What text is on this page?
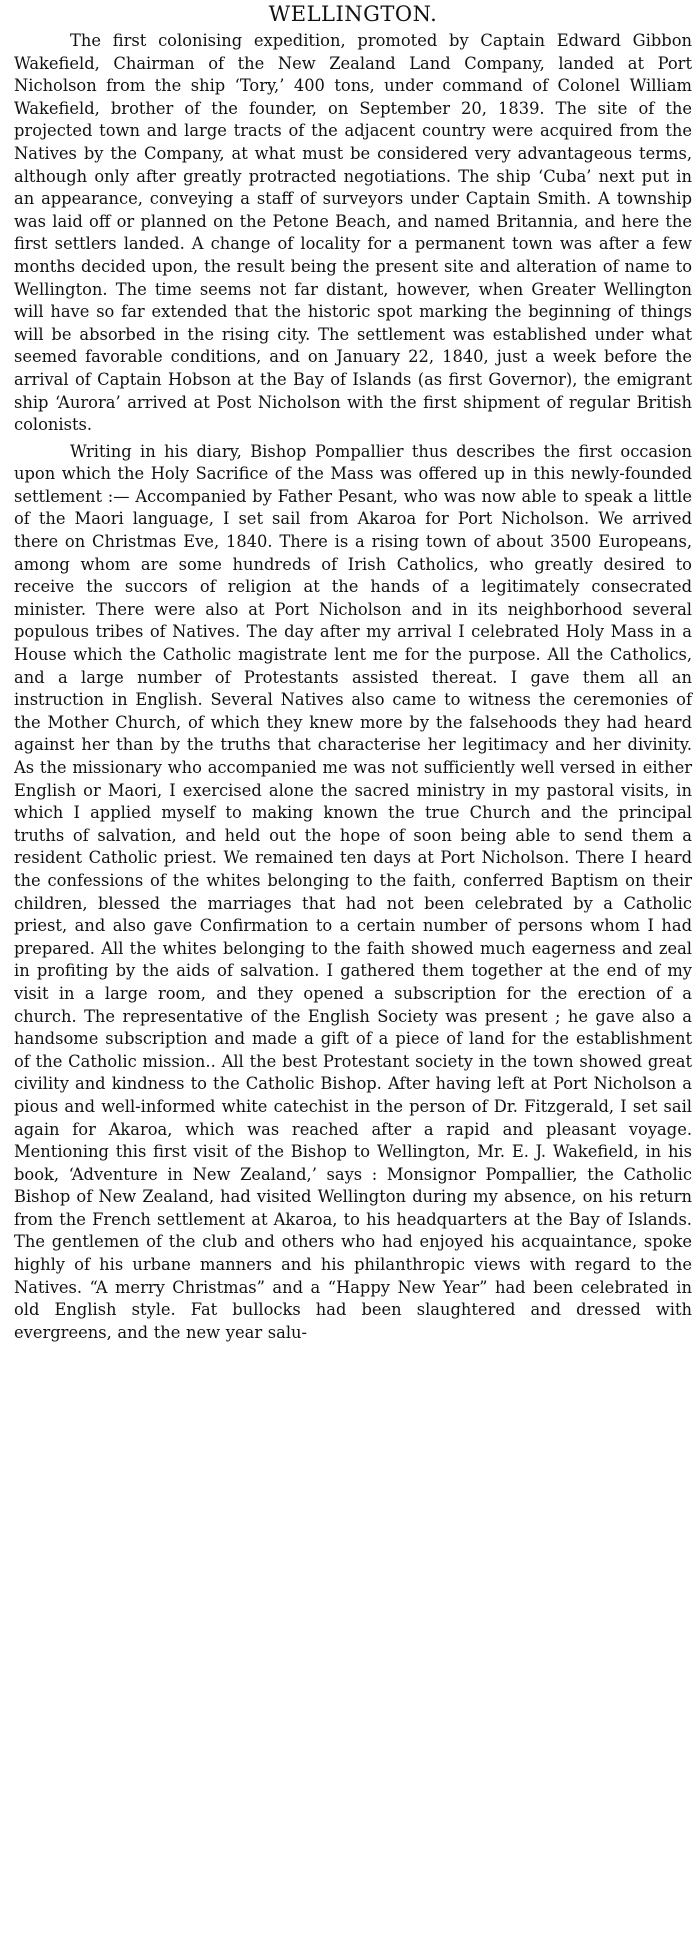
WELLINGTON.

The first colonising expedition, promoted by Captain Edward Gibbon Wakefield, Chairman of the New Zealand Land Company, landed at Port Nicholson from the ship ‘Tory,’ 400 tons, under command of Colonel William Wakefield, brother of the founder, on September 20, 1839. The site of the projected town and large tracts of the adjacent country were acquired from the Natives by the Company, at what must be considered very advantageous terms, although only after greatly protracted negotiations. The ship ‘Cuba’ next put in an appearance, conveying a staff of surveyors under Captain Smith. A township was laid off or planned on the Petone Beach, and named Britannia, and here the first settlers landed. A change of locality for a permanent town was after a few months decided upon, the result being the present site and alteration of name to Wellington. The time seems not far distant, however, when Greater Wellington will have so far extended that the historic spot marking the beginning of things will be absorbed in the rising city. The settlement was established under what seemed favorable conditions, and on January 22, 1840, just a week before the arrival of Captain Hobson at the Bay of Islands (as first Governor), the emigrant ship ‘Aurora’ arrived at Post Nicholson with the first shipment of regular British colonists.

Writing in his diary, Bishop Pompallier thus describes the first occasion upon which the Holy Sacrifice of the Mass was offered up in this newly-founded settlement :— Accompanied by Father Pesant, who was now able to speak a little of the Maori language, I set sail from Akaroa for Port Nicholson. We arrived there on Christmas Eve, 1840. There is a rising town of about 3500 Europeans, among whom are some hundreds of Irish Catholics, who greatly desired to receive the succors of religion at the hands of a legitimately consecrated minister. There were also at Port Nicholson and in its neighborhood several populous tribes of Natives. The day after my arrival I celebrated Holy Mass in a House which the Catholic magistrate lent me for the purpose. All the Catholics, and a large number of Protestants assisted thereat. I gave them all an instruction in English. Several Natives also came to witness the ceremonies of the Mother Church, of which they knew more by the falsehoods they had heard against her than by the truths that characterise her legitimacy and her divinity. As the missionary who accompanied me was not sufficiently well versed in either English or Maori, I exercised alone the sacred ministry in my pastoral visits, in which I applied myself to making known the true Church and the principal truths of salvation, and held out the hope of soon being able to send them a resident Catholic priest. We remained ten days at Port Nicholson. There I heard the confessions of the whites belonging to the faith, conferred Baptism on their children, blessed the marriages that had not been celebrated by a Catholic priest, and also gave Confirmation to a certain number of persons whom I had prepared. All the whites belonging to the faith showed much eagerness and zeal in profiting by the aids of salvation. I gathered them together at the end of my visit in a large room, and they opened a subscription for the erection of a church. The representative of the English Society was present ; he gave also a handsome subscription and made a gift of a piece of land for the establishment of the Catholic mission.. All the best Protestant society in the town showed great civility and kindness to the Catholic Bishop. After having left at Port Nicholson a pious and well-informed white catechist in the person of Dr. Fitzgerald, I set sail again for Akaroa, which was reached after a rapid and pleasant voyage. Mentioning this first visit of the Bishop to Wellington, Mr. E. J. Wakefield, in his book, ‘Adventure in New Zealand,’ says : Monsignor Pompallier, the Catholic Bishop of New Zealand, had visited Wellington during my absence, on his return from the French settlement at Akaroa, to his headquarters at the Bay of Islands. The gentlemen of the club and others who had enjoyed his acquaintance, spoke highly of his urbane manners and his philanthropic views with regard to the Natives. “A merry Christmas” and a “Happy New Year” had been celebrated in old English style. Fat bullocks had been slaughtered and dressed with evergreens, and the new year salu-
